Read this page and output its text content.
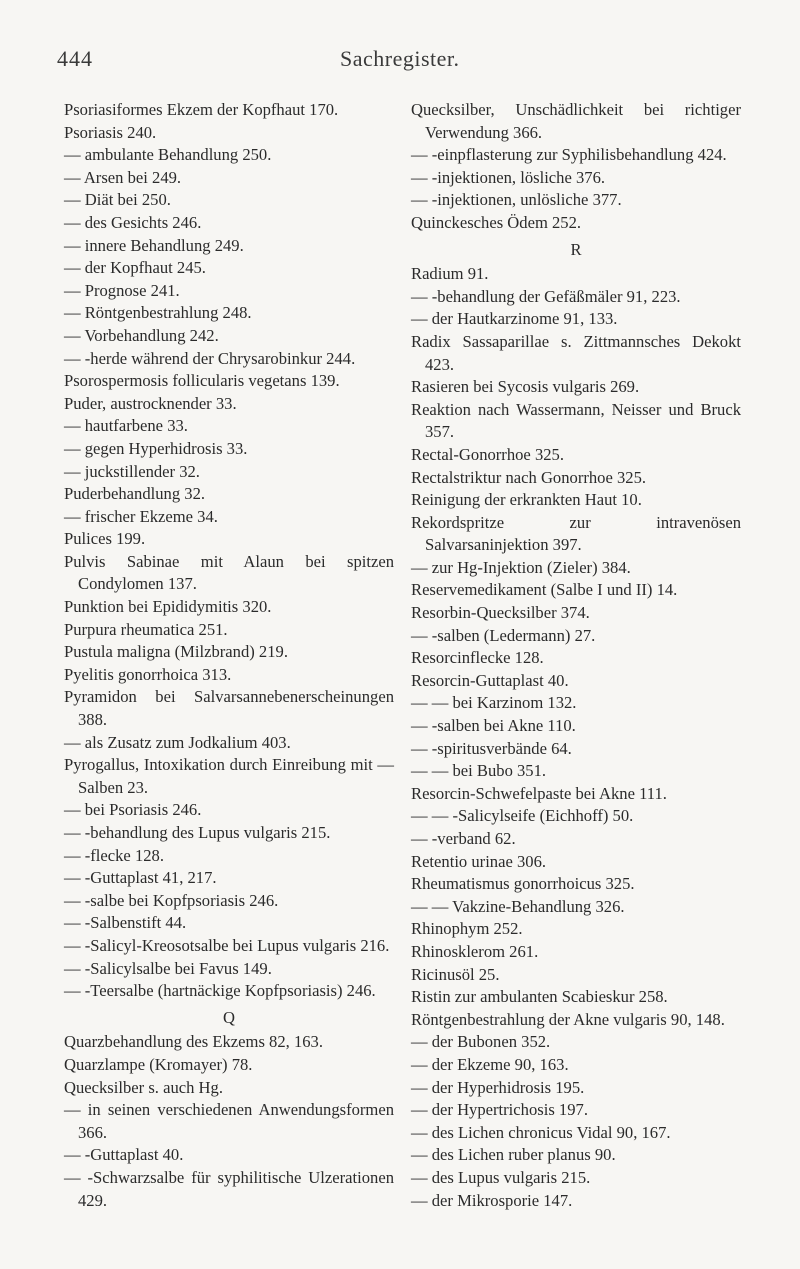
444	Sachregister.
Psoriasiformes Ekzem der Kopfhaut 170.
Psoriasis 240.
— ambulante Behandlung 250.
— Arsen bei 249.
— Diät bei 250.
— des Gesichts 246.
— innere Behandlung 249.
— der Kopfhaut 245.
— Prognose 241.
— Röntgenbestrahlung 248.
— Vorbehandlung 242.
— -herde während der Chrysarobinkur 244.
Psorospermosis follicularis vegetans 139.
Puder, austrocknender 33.
— hautfarbene 33.
— gegen Hyperhidrosis 33.
— juckstillender 32.
Puderbehandlung 32.
— frischer Ekzeme 34.
Pulices 199.
Pulvis Sabinae mit Alaun bei spitzen Condylomen 137.
Punktion bei Epididymitis 320.
Purpura rheumatica 251.
Pustula maligna (Milzbrand) 219.
Pyelitis gonorrhoica 313.
Pyramidon bei Salvarsannebenerscheinungen 388.
— als Zusatz zum Jodkalium 403.
Pyrogallus, Intoxikation durch Einreibung mit — Salben 23.
— bei Psoriasis 246.
— -behandlung des Lupus vulgaris 215.
— -flecke 128.
— -Guttaplast 41, 217.
— -salbe bei Kopfpsoriasis 246.
— -Salbenstift 44.
— -Salicyl-Kreosotsalbe bei Lupus vulgaris 216.
— -Salicylsalbe bei Favus 149.
— -Teersalbe (hartnäckige Kopfpsoriasis) 246.
Q
Quarzbehandlung des Ekzems 82, 163.
Quarzlampe (Kromayer) 78.
Quecksilber s. auch Hg.
— in seinen verschiedenen Anwendungsformen 366.
— -Guttaplast 40.
— -Schwarzsalbe für syphilitische Ulzerationen 429.
Quecksilber, Unschädlichkeit bei richtiger Verwendung 366.
— -einpflasterung zur Syphilisbehandlung 424.
— -injektionen, lösliche 376.
— -injektionen, unlösliche 377.
Quinckesches Ödem 252.
R
Radium 91.
— -behandlung der Gefäßmäler 91, 223.
— der Hautkarzinome 91, 133.
Radix Sassaparillae s. Zittmannsches Dekokt 423.
Rasieren bei Sycosis vulgaris 269.
Reaktion nach Wassermann, Neisser und Bruck 357.
Rectal-Gonorrhoe 325.
Rectalstriktur nach Gonorrhoe 325.
Reinigung der erkrankten Haut 10.
Rekordspritze zur intravenösen Salvarsaninjektion 397.
— zur Hg-Injektion (Zieler) 384.
Reservemedikament (Salbe I und II) 14.
Resorbin-Quecksilber 374.
— -salben (Ledermann) 27.
Resorcinflecke 128.
Resorcin-Guttaplast 40.
— — bei Karzinom 132.
— -salben bei Akne 110.
— -spiritusverbände 64.
— — bei Bubo 351.
Resorcin-Schwefelpaste bei Akne 111.
— — -Salicylseife (Eichhoff) 50.
— -verband 62.
Retentio urinae 306.
Rheumatismus gonorrhoicus 325.
— — Vakzine-Behandlung 326.
Rhinophym 252.
Rhinosklerom 261.
Ricinusöl 25.
Ristin zur ambulanten Scabieskur 258.
Röntgenbestrahlung der Akne vulgaris 90, 148.
— der Bubonen 352.
— der Ekzeme 90, 163.
— der Hyperhidrosis 195.
— der Hypertrichosis 197.
— des Lichen chronicus Vidal 90, 167.
— des Lichen ruber planus 90.
— des Lupus vulgaris 215.
— der Mikrosporie 147.
